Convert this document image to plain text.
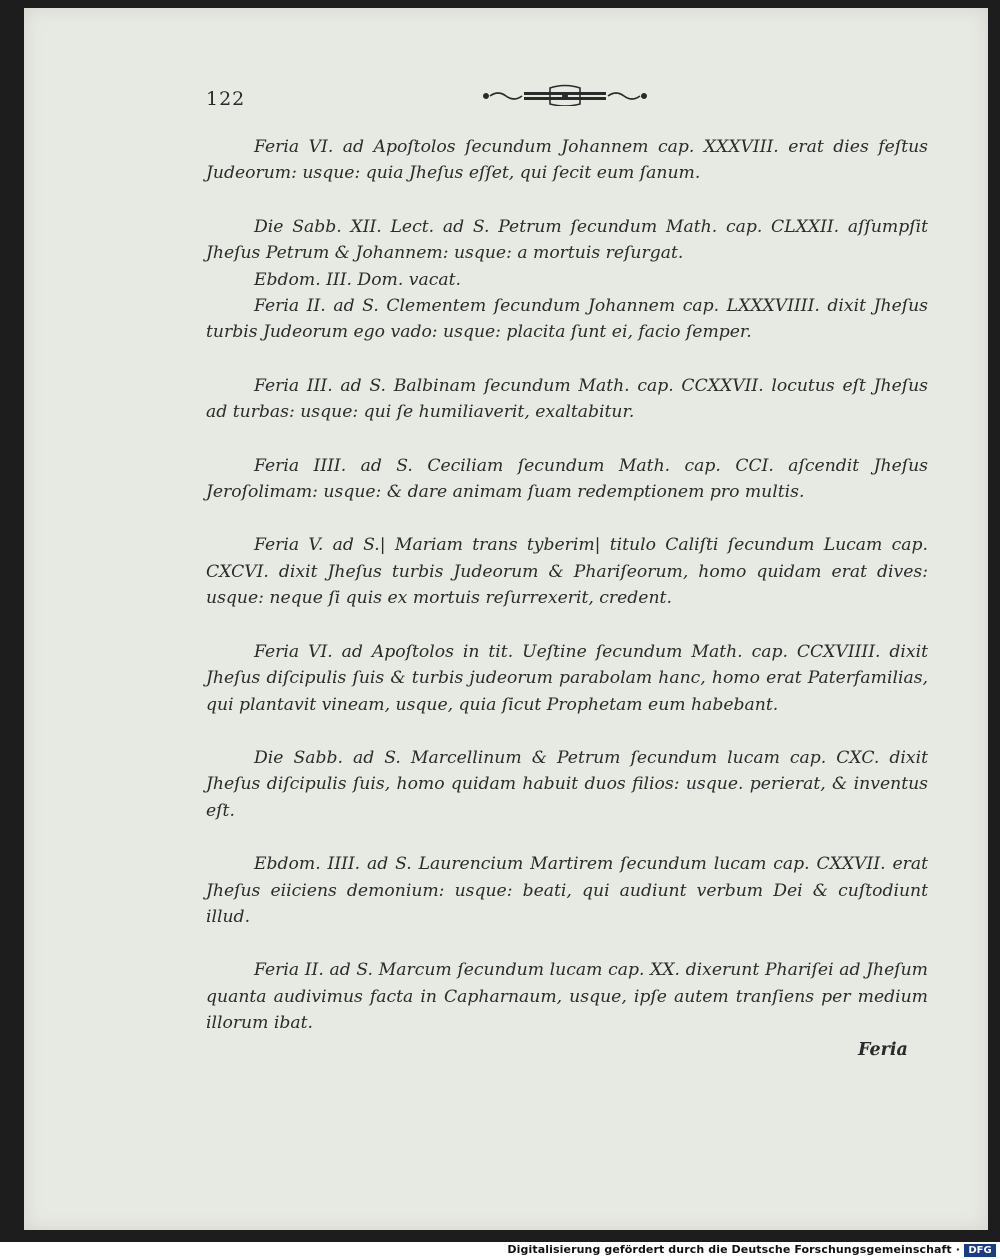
122

Feria VI. ad Apoſtolos ſecundum Johannem cap. XXXVIII. erat dies feſtus Judeorum: usque: quia Jheſus eſſet, qui ſecit eum ſanum.

Die Sabb. XII. Lect. ad S. Petrum ſecundum Math. cap. CLXXII. aſſumpſit Jheſus Petrum & Johannem: usque: a mortuis reſurgat.

Ebdom. III. Dom. vacat.

Feria II. ad S. Clementem ſecundum Johannem cap. LXXXVIIII. dixit Jheſus turbis Judeorum ego vado: usque: placita ſunt ei, facio ſemper.

Feria III. ad S. Balbinam ſecundum Math. cap. CCXXVII. locutus eſt Jheſus ad turbas: usque: qui ſe humiliaverit, exaltabitur.

Feria IIII. ad S. Ceciliam ſecundum Math. cap. CCI. aſcendit Jheſus Jeroſolimam: usque: & dare animam ſuam redemptionem pro multis.

Feria V. ad S.| Mariam trans tyberim| titulo Caliſti ſecundum Lucam cap. CXCVI. dixit Jheſus turbis Judeorum & Phariſeorum, homo quidam erat dives: usque: neque ſi quis ex mortuis reſurrexerit, credent.

Feria VI. ad Apoſtolos in tit. Ueſtine ſecundum Math. cap. CCXVIIII. dixit Jheſus diſcipulis ſuis & turbis judeorum parabolam hanc, homo erat Paterfamilias, qui plantavit vineam, usque, quia ſicut Prophetam eum habebant.

Die Sabb. ad S. Marcellinum & Petrum ſecundum lucam cap. CXC. dixit Jheſus diſcipulis ſuis, homo quidam habuit duos filios: usque. perierat, & inventus eſt.

Ebdom. IIII. ad S. Laurencium Martirem ſecundum lucam cap. CXXVII. erat Jheſus eiiciens demonium: usque: beati, qui audiunt verbum Dei & cuſtodiunt illud.

Feria II. ad S. Marcum ſecundum lucam cap. XX. dixerunt Phariſei ad Jheſum quanta audivimus facta in Capharnaum, usque, ipſe autem tranſiens per medium illorum ibat.

Feria
Digitalisierung gefördert durch die Deutsche Forschungsgemeinschaft · DFG
